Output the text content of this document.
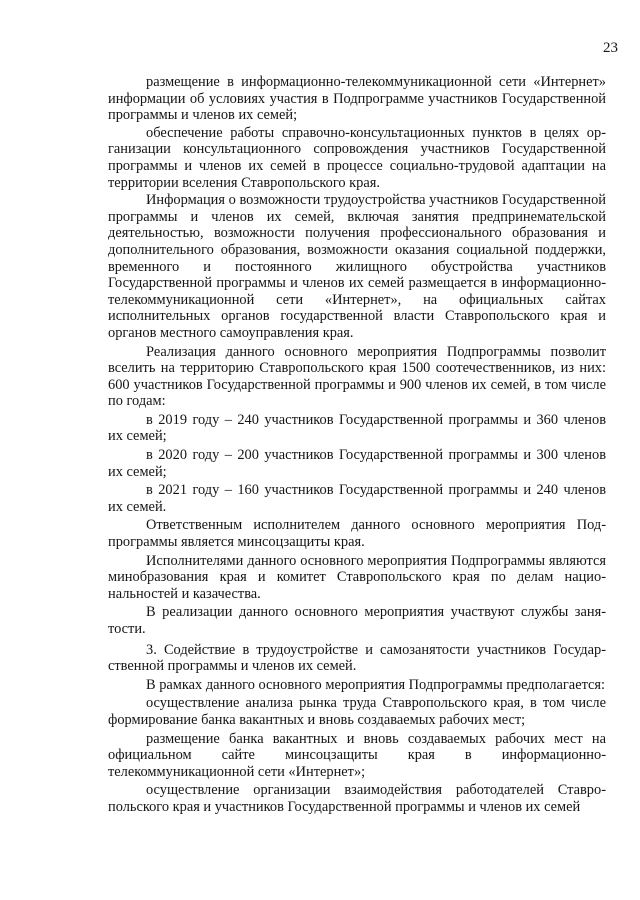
23

размещение в информационно-телекоммуникационной сети «Интернет» информации об условиях участия в Подпрограмме участников Государственной программы и членов их семей;

обеспечение работы справочно-консультационных пунктов в целях организации консультационного сопровождения участников Государственной программы и членов их семей в процессе социально-трудовой адаптации на территории вселения Ставропольского края.

Информация о возможности трудоустройства участников Государственной программы и членов их семей, включая занятия предпринемательской деятельностью, возможности получения профессионального образования и дополнительного образования, возможности оказания социальной поддержки, временного и постоянного жилищного обустройства участников Государственной программы и членов их семей размещается в информационно-телекоммуникационной сети «Интернет», на официальных сайтах исполнительных органов государственной власти Ставропольского края и органов местного самоуправления края.

Реализация данного основного мероприятия Подпрограммы позволит вселить на территорию Ставропольского края 1500 соотечественников, из них: 600 участников Государственной программы и 900 членов их семей, в том числе по годам:

в 2019 году – 240 участников Государственной программы и 360 членов их семей;

в 2020 году – 200 участников Государственной программы и 300 членов их семей;

в 2021 году – 160 участников Государственной программы и 240 членов их семей.

Ответственным исполнителем данного основного мероприятия Подпрограммы является минсоцзащиты края.

Исполнителями данного основного мероприятия Подпрограммы являются минобразования края и комитет Ставропольского края по делам национальностей и казачества.

В реализации данного основного мероприятия участвуют службы занятости.

3. Содействие в трудоустройстве и самозанятости участников Государственной программы и членов их семей.

В рамках данного основного мероприятия Подпрограммы предполагается:

осуществление анализа рынка труда Ставропольского края, в том числе формирование банка вакантных и вновь создаваемых рабочих мест;

размещение банка вакантных и вновь создаваемых рабочих мест на официальном сайте минсоцзащиты края в информационно-телекоммуникационной сети «Интернет»;

осуществление организации взаимодействия работодателей Ставропольского края и участников Государственной программы и членов их семей
